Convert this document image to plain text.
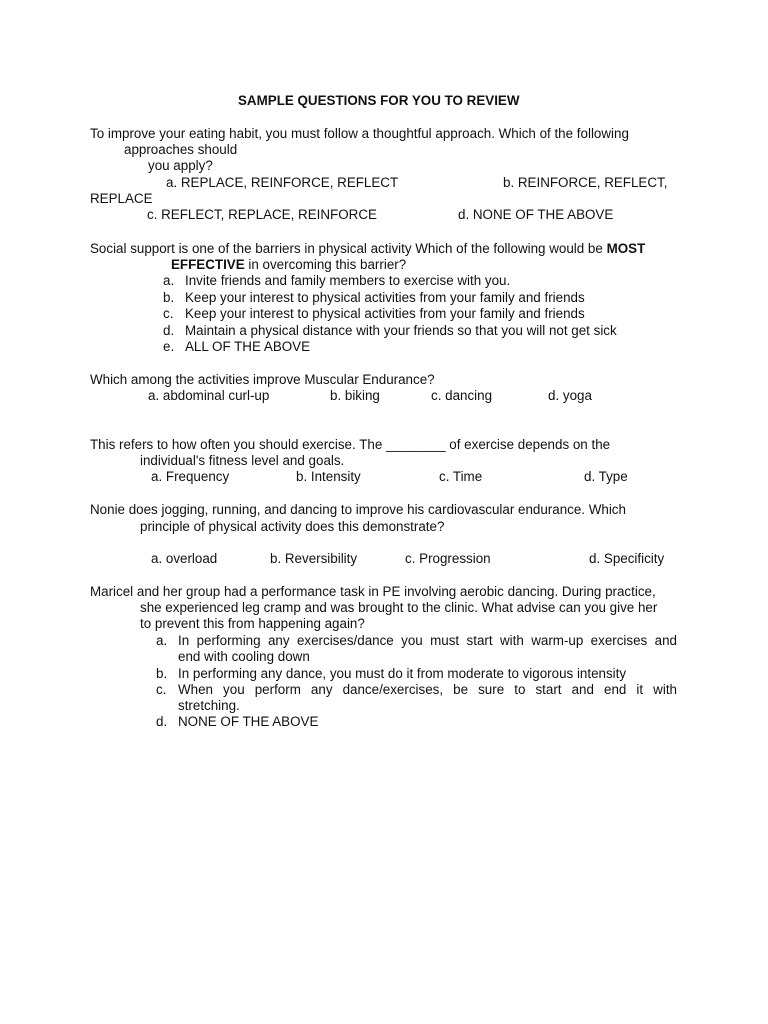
SAMPLE QUESTIONS FOR YOU TO REVIEW

To improve your eating habit, you must follow a thoughtful approach. Which of the following

approaches should

you apply?

a. REPLACE, REINFORCE, REFLECT	b. REINFORCE, REFLECT,

REPLACE

c. REFLECT, REPLACE, REINFORCE	d. NONE OF THE ABOVE

Social support is one of the barriers in physical activity Which of the following would be MOST

EFFECTIVE in overcoming this barrier?

a. Invite friends and family members to exercise with you.

b. Keep your interest to physical activities from your family and friends

c. Keep your interest to physical activities from your family and friends

d. Maintain a physical distance with your friends so that you will not get sick

e. ALL OF THE ABOVE

Which among the activities improve Muscular Endurance?

a. abdominal curl-up	b. biking	c. dancing	d. yoga

This refers to how often you should exercise. The ________ of exercise depends on the

individual's fitness level and goals.

a. Frequency	b. Intensity	c. Time	d. Type

Nonie does jogging, running, and dancing to improve his cardiovascular endurance. Which

principle of physical activity does this demonstrate?

a. overload	b. Reversibility	c. Progression	d. Specificity

Maricel and her group had a performance task in PE involving aerobic dancing. During practice,

she experienced leg cramp and was brought to the clinic. What advise can you give her

to prevent this from happening again?

a. In performing any exercises/dance you must start with warm-up exercises and

end with cooling down

b. In performing any dance, you must do it from moderate to vigorous intensity

c. When you perform any dance/exercises, be sure to start and end it with

stretching.

d. NONE OF THE ABOVE
